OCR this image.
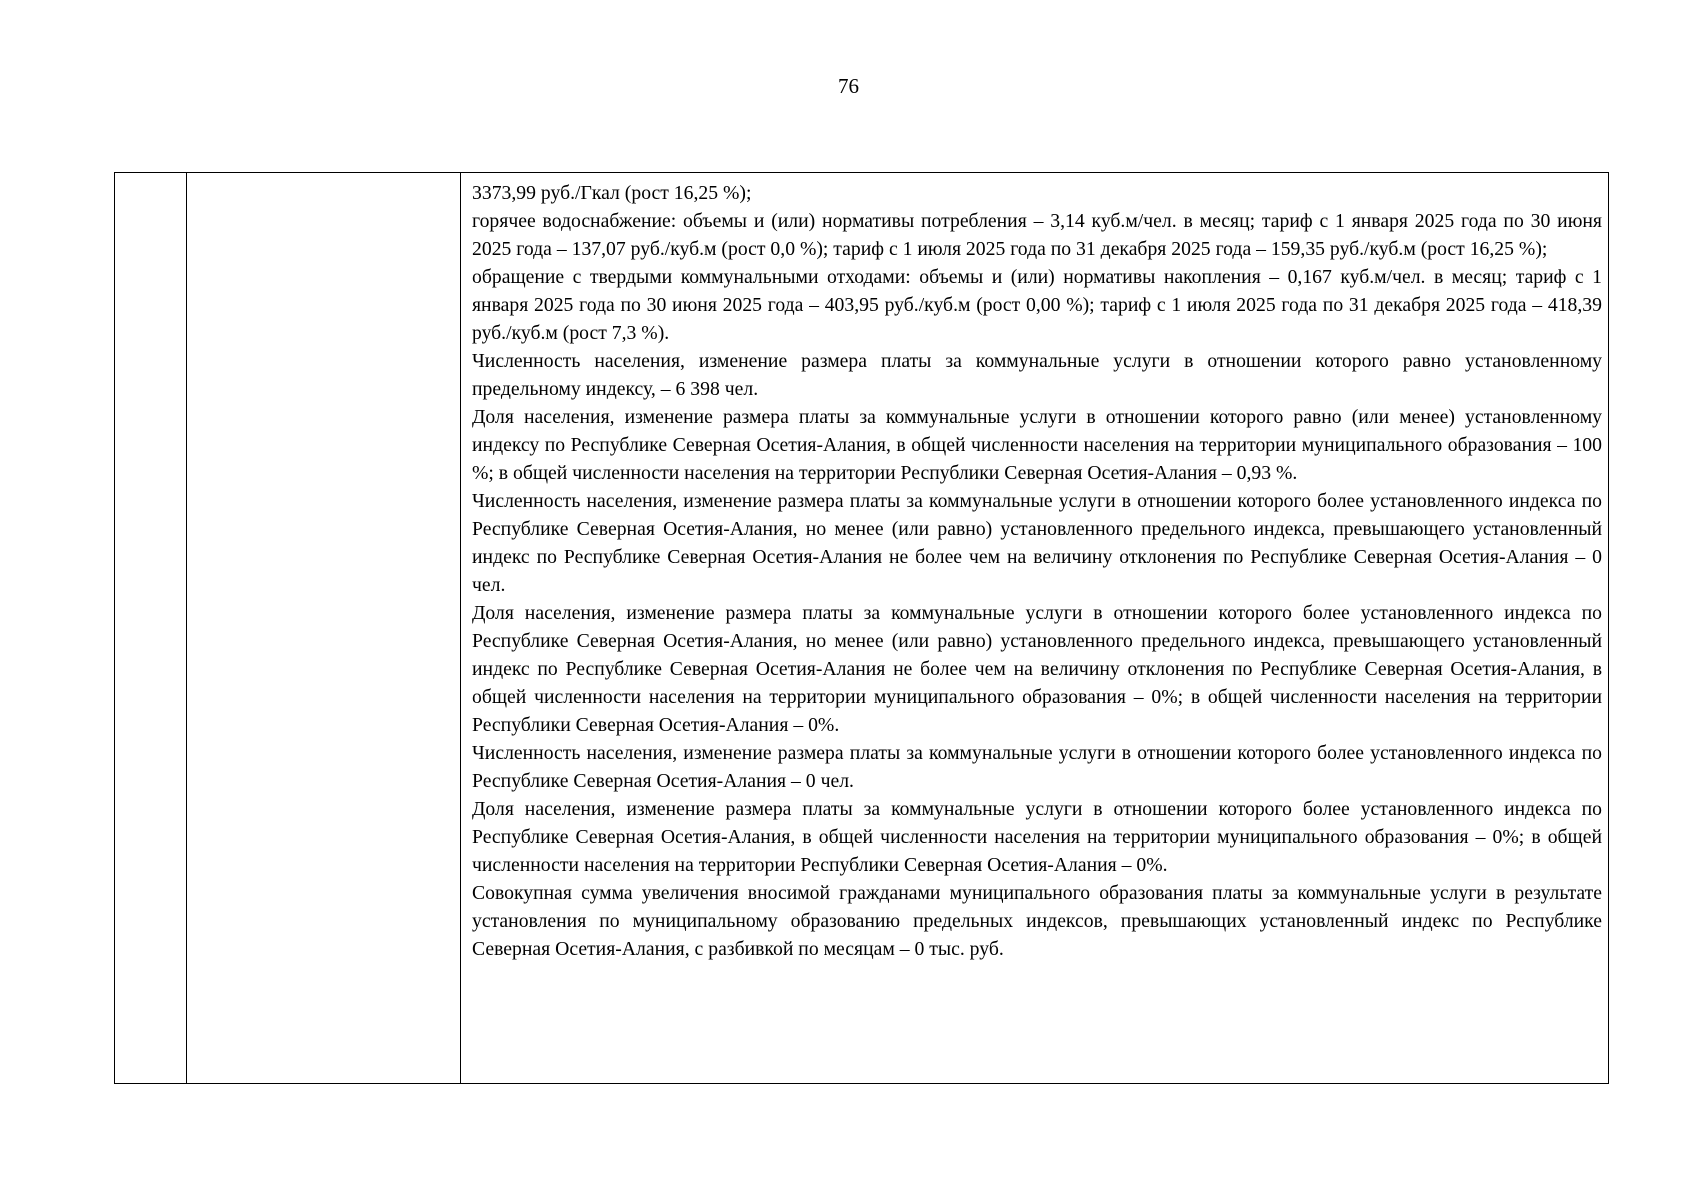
76

3373,99 руб./Гкал (рост 16,25 %);

горячее водоснабжение: объемы и (или) нормативы потребления – 3,14 куб.м/чел. в месяц; тариф с 1 января 2025 года по 30 июня 2025 года – 137,07 руб./куб.м (рост 0,0 %); тариф с 1 июля 2025 года по 31 декабря 2025 года – 159,35 руб./куб.м (рост 16,25 %);

обращение с твердыми коммунальными отходами: объемы и (или) нормативы накопления – 0,167 куб.м/чел. в месяц; тариф с 1 января 2025 года по 30 июня 2025 года – 403,95 руб./куб.м (рост 0,00 %); тариф с 1 июля 2025 года по 31 декабря 2025 года – 418,39 руб./куб.м (рост 7,3 %).

Численность населения, изменение размера платы за коммунальные услуги в отношении которого равно установленному предельному индексу, – 6 398 чел.

Доля населения, изменение размера платы за коммунальные услуги в отношении которого равно (или менее) установленному индексу по Республике Северная Осетия-Алания, в общей численности населения на территории муниципального образования – 100 %; в общей численности населения на территории Республики Северная Осетия-Алания – 0,93 %.

Численность населения, изменение размера платы за коммунальные услуги в отношении которого более установленного индекса по Республике Северная Осетия-Алания, но менее (или равно) установленного предельного индекса, превышающего установленный индекс по Республике Северная Осетия-Алания не более чем на величину отклонения по Республике Северная Осетия-Алания – 0 чел.

Доля населения, изменение размера платы за коммунальные услуги в отношении которого более установленного индекса по Республике Северная Осетия-Алания, но менее (или равно) установленного предельного индекса, превышающего установленный индекс по Республике Северная Осетия-Алания не более чем на величину отклонения по Республике Северная Осетия-Алания, в общей численности населения на территории муниципального образования – 0%; в общей численности населения на территории Республики Северная Осетия-Алания – 0%.

Численность населения, изменение размера платы за коммунальные услуги в отношении которого более установленного индекса по Республике Северная Осетия-Алания – 0 чел.

Доля населения, изменение размера платы за коммунальные услуги в отношении которого более установленного индекса по Республике Северная Осетия-Алания, в общей численности населения на территории муниципального образования – 0%; в общей численности населения на территории Республики Северная Осетия-Алания – 0%.

Совокупная сумма увеличения вносимой гражданами муниципального образования платы за коммунальные услуги в результате установления по муниципальному образованию предельных индексов, превышающих установленный индекс по Республике Северная Осетия-Алания, с разбивкой по месяцам – 0 тыс. руб.
